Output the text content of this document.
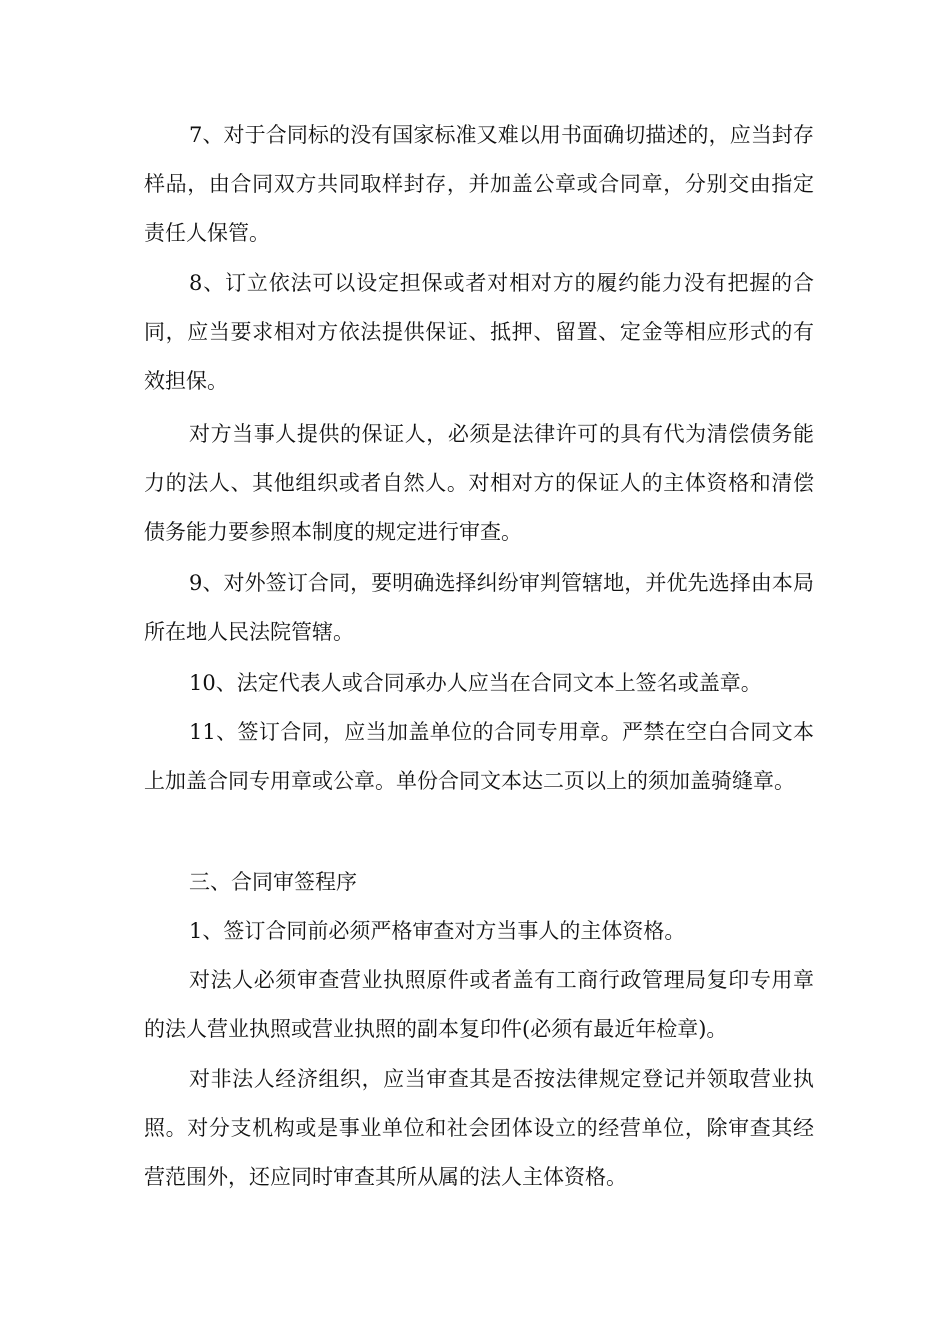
7、对于合同标的没有国家标准又难以用书面确切描述的，应当封存样品，由合同双方共同取样封存，并加盖公章或合同章，分别交由指定责任人保管。

8、订立依法可以设定担保或者对相对方的履约能力没有把握的合同，应当要求相对方依法提供保证、抵押、留置、定金等相应形式的有效担保。

对方当事人提供的保证人，必须是法律许可的具有代为清偿债务能力的法人、其他组织或者自然人。对相对方的保证人的主体资格和清偿债务能力要参照本制度的规定进行审查。

9、对外签订合同，要明确选择纠纷审判管辖地，并优先选择由本局所在地人民法院管辖。

10、法定代表人或合同承办人应当在合同文本上签名或盖章。

11、签订合同，应当加盖单位的合同专用章。严禁在空白合同文本上加盖合同专用章或公章。单份合同文本达二页以上的须加盖骑缝章。

三、合同审签程序

1、签订合同前必须严格审查对方当事人的主体资格。

对法人必须审查营业执照原件或者盖有工商行政管理局复印专用章的法人营业执照或营业执照的副本复印件(必须有最近年检章)。

对非法人经济组织，应当审查其是否按法律规定登记并领取营业执照。对分支机构或是事业单位和社会团体设立的经营单位，除审查其经营范围外，还应同时审查其所从属的法人主体资格。
